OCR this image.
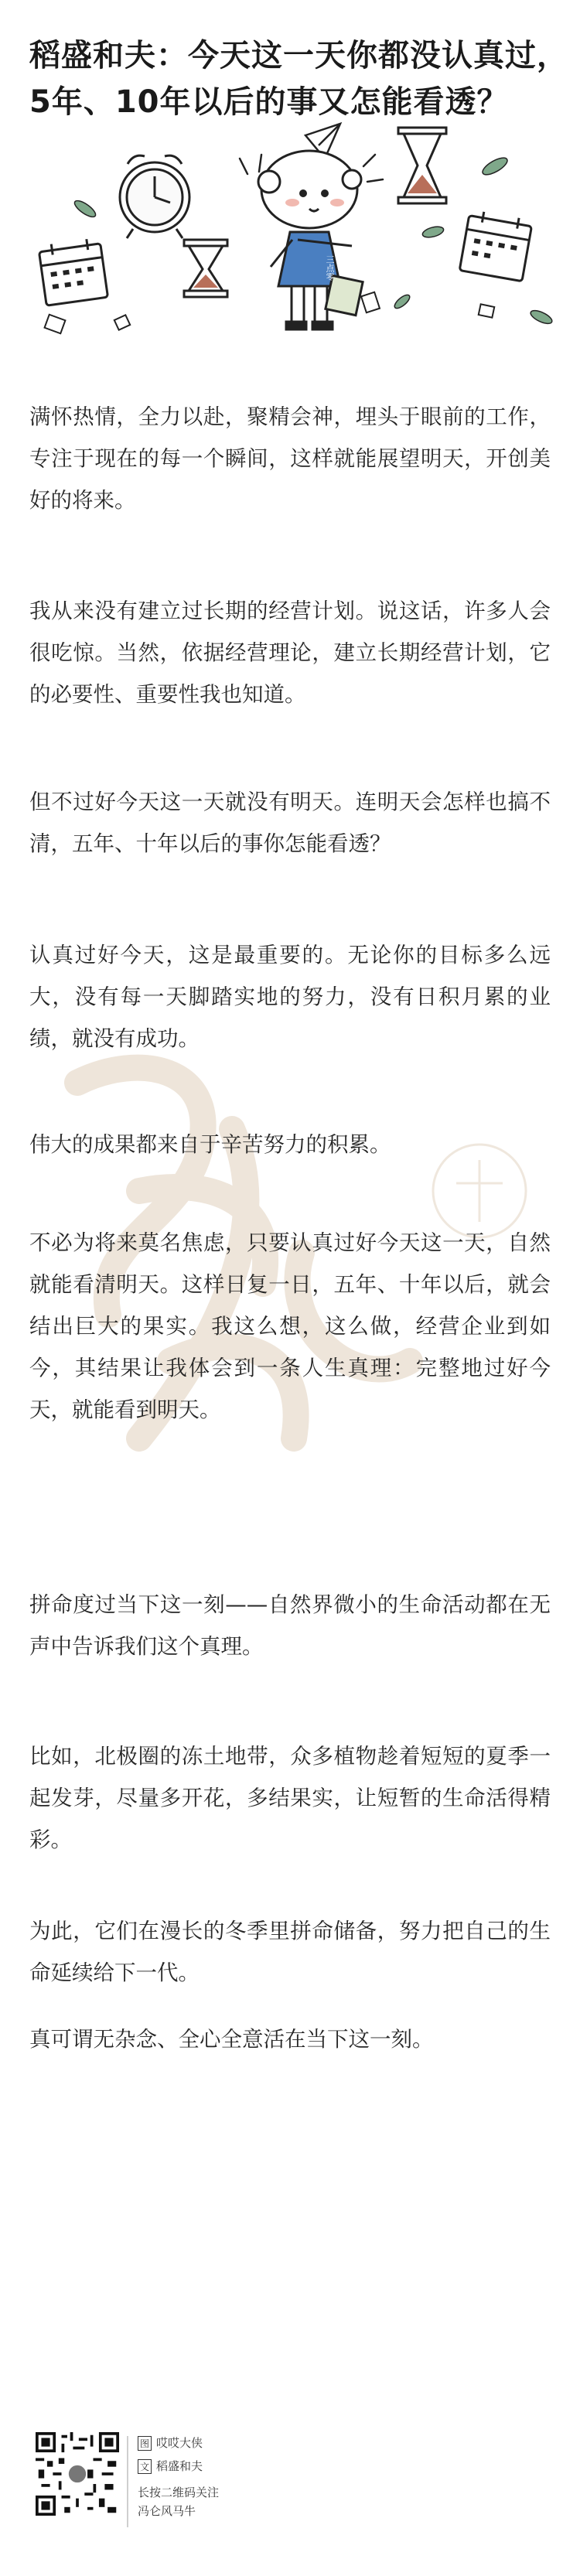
稻盛和夫：今天这一天你都没认真过，
5年、10年以后的事又怎能看透？
三点零

满怀热情，全力以赴，聚精会神，埋头于眼前的工作，专注于现在的每一个瞬间，这样就能展望明天，开创美好的将来。

我从来没有建立过长期的经营计划。说这话，许多人会很吃惊。当然，依据经营理论，建立长期经营计划，它的必要性、重要性我也知道。

但不过好今天这一天就没有明天。连明天会怎样也搞不清，五年、十年以后的事你怎能看透？

认真过好今天，这是最重要的。无论你的目标多么远大，没有每一天脚踏实地的努力，没有日积月累的业绩，就没有成功。

伟大的成果都来自于辛苦努力的积累。

不必为将来莫名焦虑，只要认真过好今天这一天，自然就能看清明天。这样日复一日，五年、十年以后，就会结出巨大的果实。我这么想，这么做，经营企业到如今，其结果让我体会到一条人生真理：完整地过好今天，就能看到明天。

拼命度过当下这一刻——自然界微小的生命活动都在无声中告诉我们这个真理。

比如，北极圈的冻土地带，众多植物趁着短短的夏季一起发芽，尽量多开花，多结果实，让短暂的生命活得精彩。

为此，它们在漫长的冬季里拼命储备，努力把自己的生命延续给下一代。

真可谓无杂念、全心全意活在当下这一刻。

图 哎哎大侠
文 稻盛和夫
长按二维码关注
冯仑风马牛
